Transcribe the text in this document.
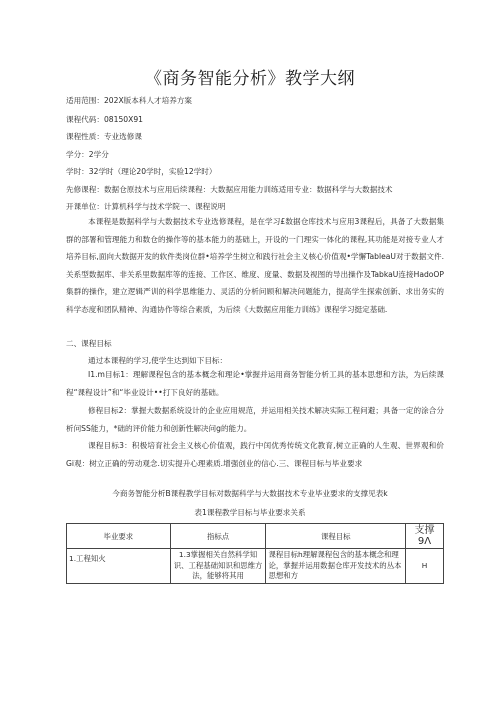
《商务智能分析》教学大纲
适用范围：202X版本科人才培养方案
课程代码：08150X91
课程性质：专业选修课
学分：2学分
学时：32学时（理论20学时，实验12学时）
先修课程：数据仓原技术与应用后续课程：大数据应用能力训练适用专业：数据科学与大数据技术
开课单位：计算机科学与技术学院一、课程说明
本课程是数据科学与大数据技术专业选修课程，是在学习£数据仓库技术与应用3课程后，具备了大数据集群的部署和管理能力和数仓的操作等的基本能力的基础上，开设的一门理实一体化的课程,其功能是对接专业人才培养目标,面向大数据开发的软件类岗位群•培养学生树立和践行社会主义核心价值观•学懈TableaU对于数据文件.关系型数据库、非关系里数据库等的连接、工作区、维度、度量、数据及视图的导出操作及TabkaU连接HadoOP集群的操作，建立逻辑严训的科学思维能力、灵活的分析问顾和解决问题能力，提高学生探索创新、求出务实的科学态度和团队精神、沟通协作等综合素质，为后续《大数据应用能力训练》课程学习挺定基础.
二、课程目标
通过本课程的学习,使学生达到如下目标：
I1.m目标1：理解课程包含的基本概念和理论•掌握并运用商务智能分析工具的基本思想和方法，为后续课程“课程设计”和“毕业设计••打下良好的基础。
修程目标2：掌握大数据系统设计的企业应用规范，并运用相关技术解决实际工程问避；具备一定的涂合分析问SS能力，*础的评价能力和创新性解决问g的能力。
课程目标3：积极培育社会主义核心价值观，践行中闰优秀传统文化教育,树立正确的人生观、世界观和价Gi观：树立正确的劳动观念.切实提升心理素质.增强创业的信心.三、课程目标与毕业要求
今商务智能分析B课程教学目标对数据科学与大数据技术专业毕业要求的支撑见表k
表1课程教学目标与毕业要求关系
毕业要求	指标点	课程目标	支撑
9Λ
1.工程知火	1.3掌握相关自然科学知识、工程基础知识和思维方法，能够将其用	课程目标h理解课程包含的基本概念和理论，掌握并运用数据仓库开发技术的丛本思想和方	H
